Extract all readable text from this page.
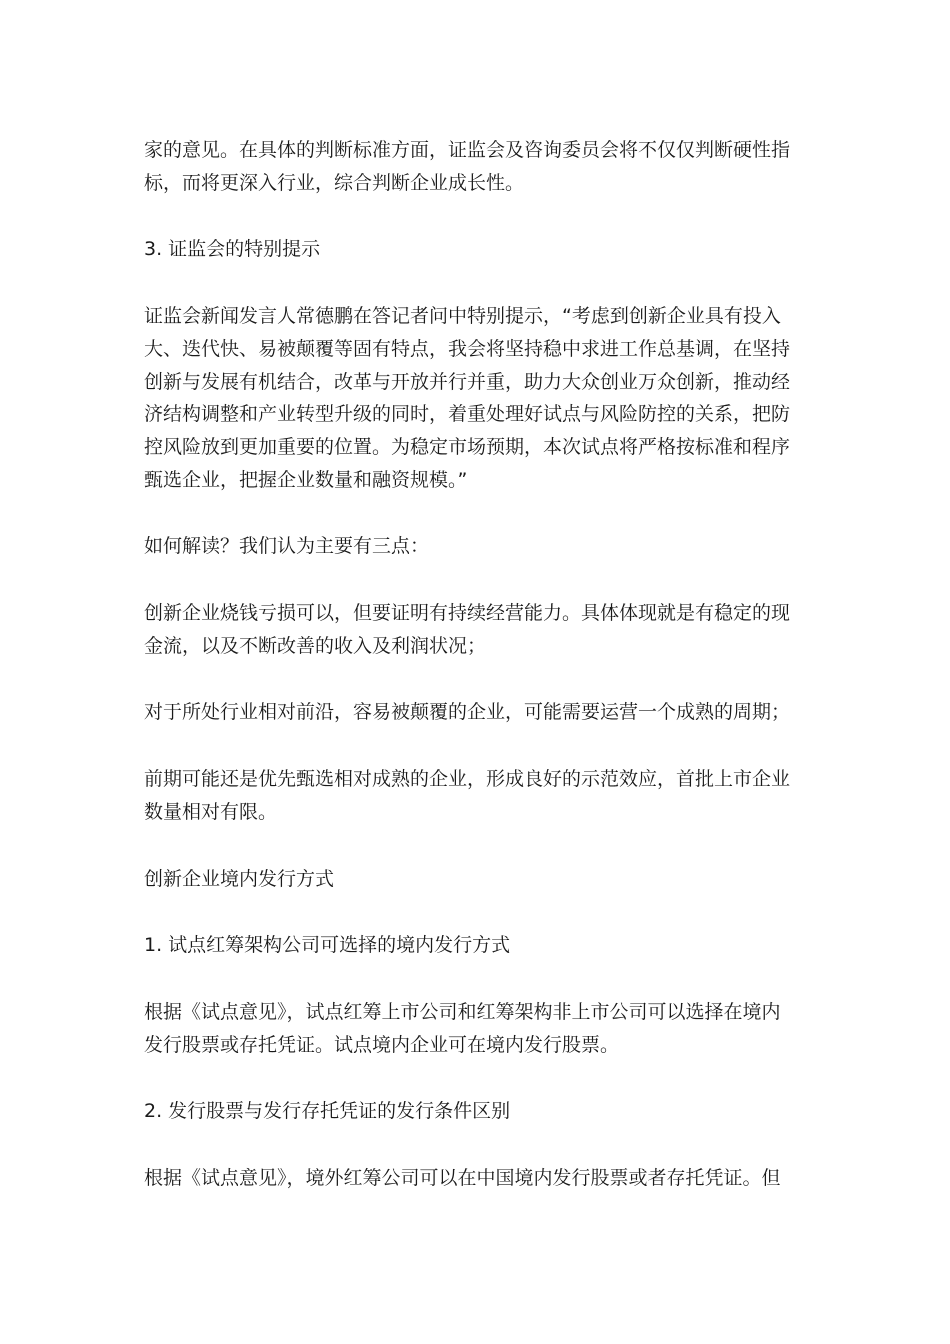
家的意见。在具体的判断标准方面，证监会及咨询委员会将不仅仅判断硬性指
标，而将更深入行业，综合判断企业成长性。

3. 证监会的特别提示

证监会新闻发言人常德鹏在答记者问中特别提示，“考虑到创新企业具有投入
大、迭代快、易被颠覆等固有特点，我会将坚持稳中求进工作总基调，在坚持
创新与发展有机结合，改革与开放并行并重，助力大众创业万众创新，推动经
济结构调整和产业转型升级的同时，着重处理好试点与风险防控的关系，把防
控风险放到更加重要的位置。为稳定市场预期，本次试点将严格按标准和程序
甄选企业，把握企业数量和融资规模。”

如何解读？我们认为主要有三点：

创新企业烧钱亏损可以，但要证明有持续经营能力。具体体现就是有稳定的现
金流，以及不断改善的收入及利润状况；

对于所处行业相对前沿，容易被颠覆的企业，可能需要运营一个成熟的周期；

前期可能还是优先甄选相对成熟的企业，形成良好的示范效应，首批上市企业
数量相对有限。

创新企业境内发行方式

1. 试点红筹架构公司可选择的境内发行方式

根据《试点意见》，试点红筹上市公司和红筹架构非上市公司可以选择在境内
发行股票或存托凭证。试点境内企业可在境内发行股票。

2. 发行股票与发行存托凭证的发行条件区别

根据《试点意见》，境外红筹公司可以在中国境内发行股票或者存托凭证。但
